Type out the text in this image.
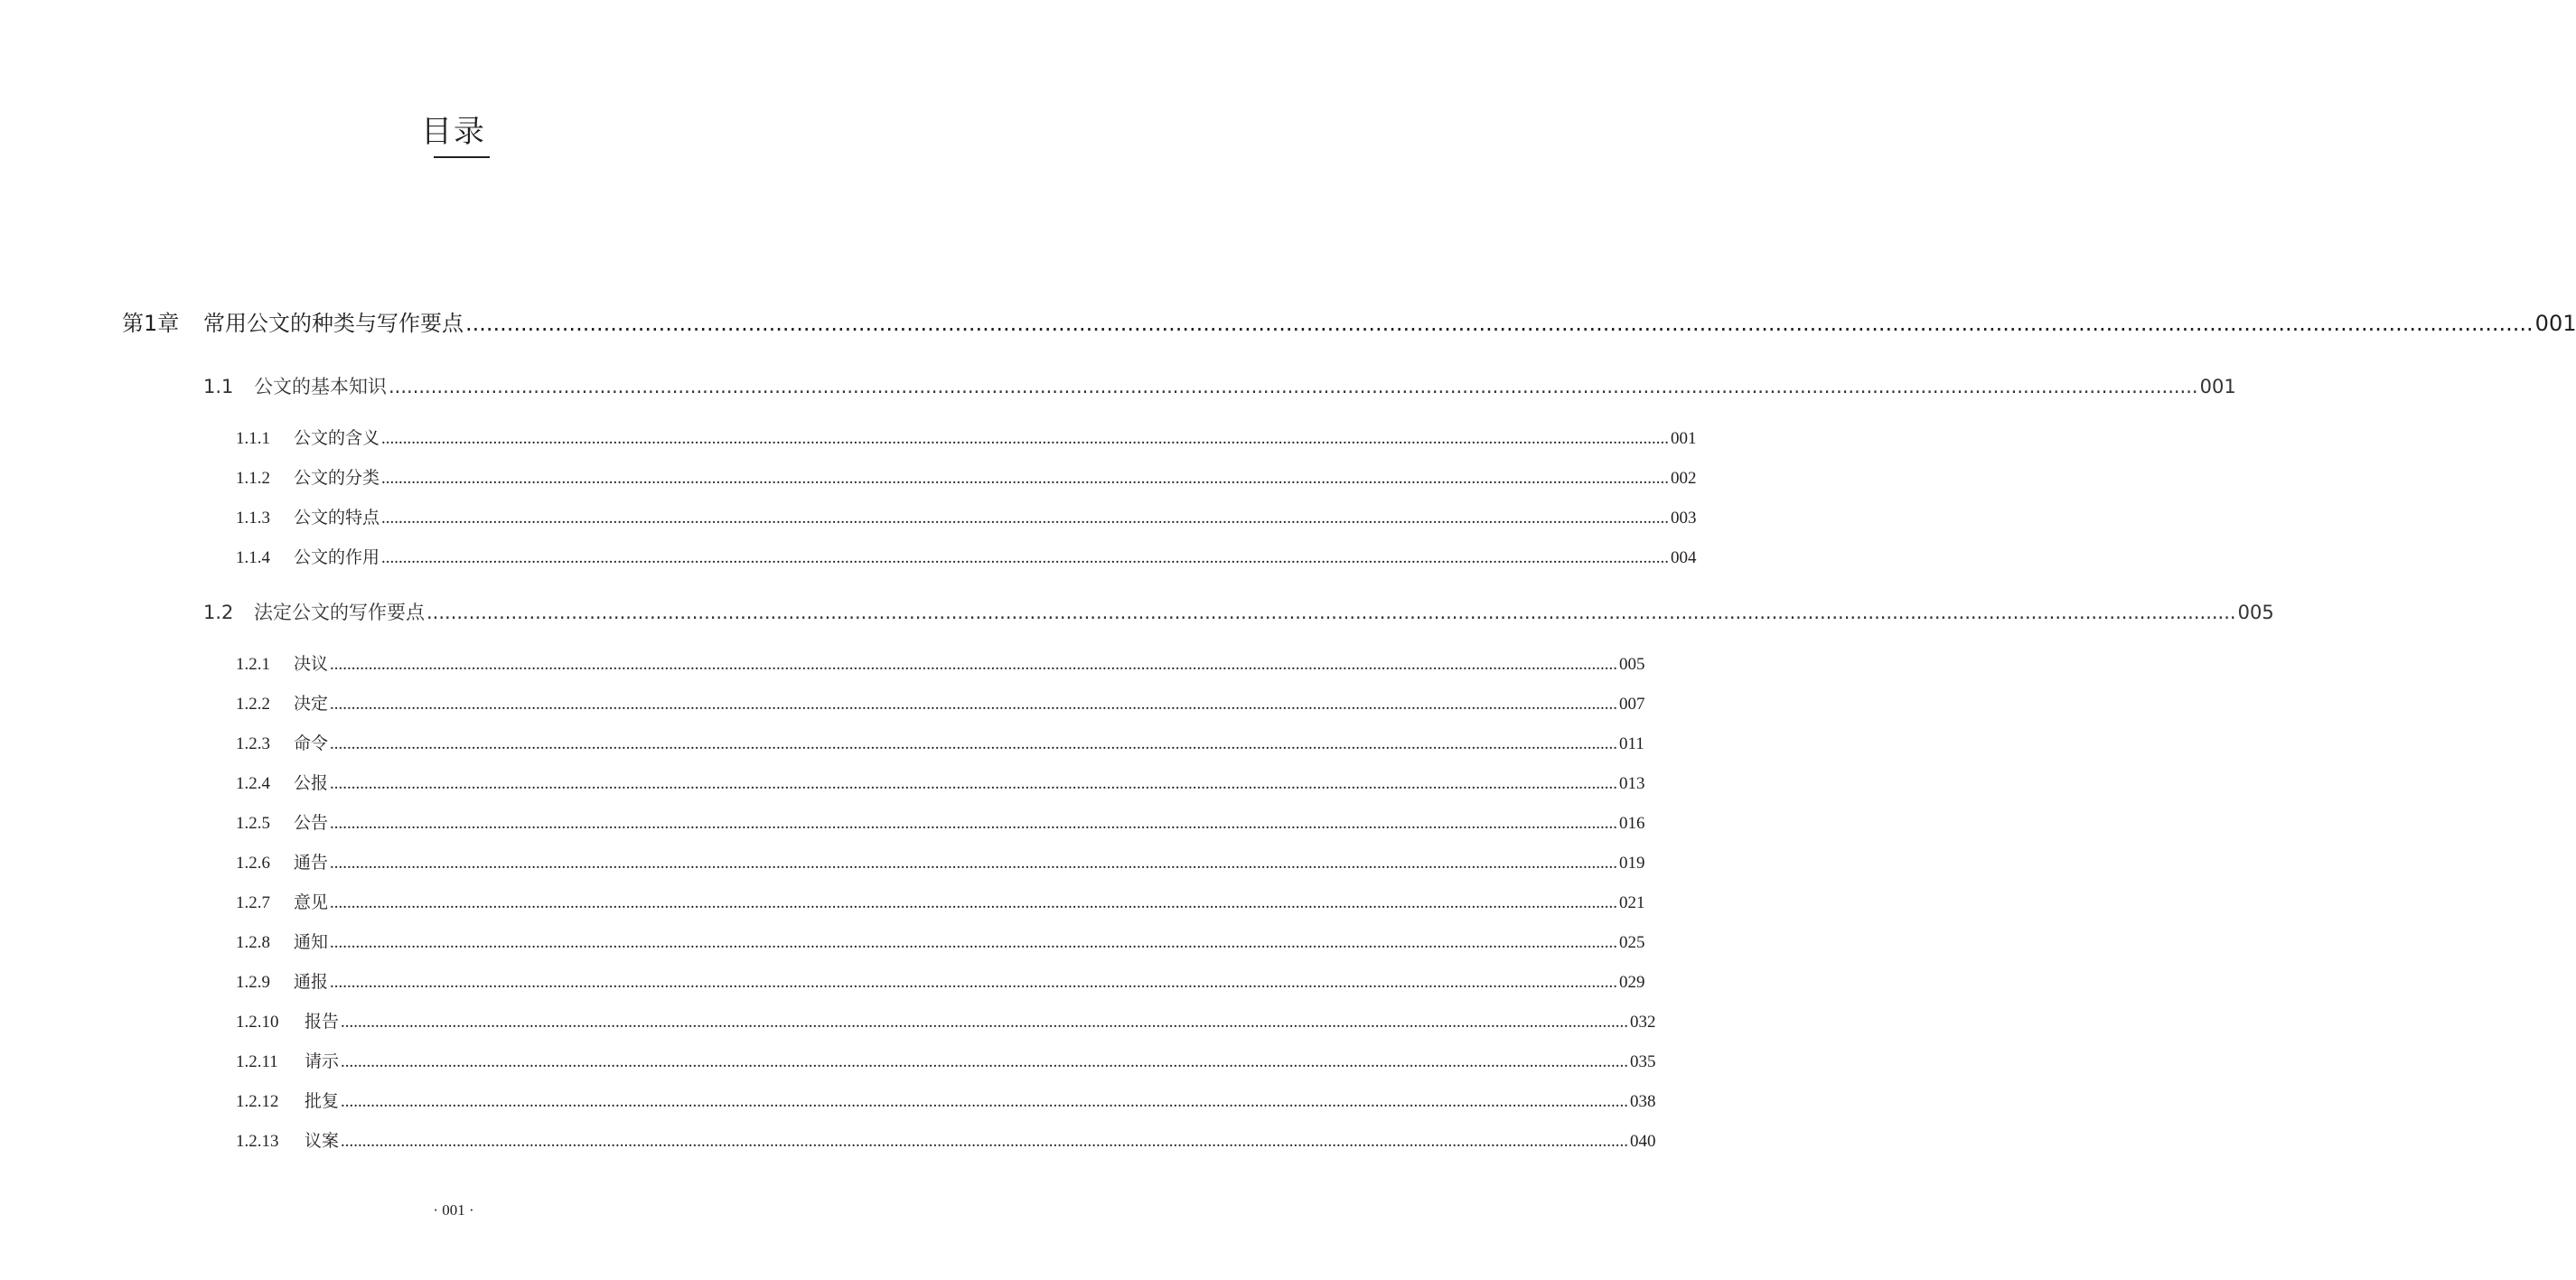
目录
第1章 常用公文的种类与写作要点 ............................................................................................................................................................................................................................................................................................................ 001
1.1 公文的基本知识 ............................................................................................................................................................................................................................................................................................................ 001
1.1.1 公文的含义 ............................................................................................................................................................................................................................................................................................................ 001
1.1.2 公文的分类 ............................................................................................................................................................................................................................................................................................................ 002
1.1.3 公文的特点 ............................................................................................................................................................................................................................................................................................................ 003
1.1.4 公文的作用 ............................................................................................................................................................................................................................................................................................................ 004
1.2 法定公文的写作要点 ............................................................................................................................................................................................................................................................................................................ 005
1.2.1 决议 ............................................................................................................................................................................................................................................................................................................ 005
1.2.2 决定 ............................................................................................................................................................................................................................................................................................................ 007
1.2.3 命令 ............................................................................................................................................................................................................................................................................................................ 011
1.2.4 公报 ............................................................................................................................................................................................................................................................................................................ 013
1.2.5 公告 ............................................................................................................................................................................................................................................................................................................ 016
1.2.6 通告 ............................................................................................................................................................................................................................................................................................................ 019
1.2.7 意见 ............................................................................................................................................................................................................................................................................................................ 021
1.2.8 通知 ............................................................................................................................................................................................................................................................................................................ 025
1.2.9 通报 ............................................................................................................................................................................................................................................................................................................ 029
1.2.10 报告 ............................................................................................................................................................................................................................................................................................................ 032
1.2.11 请示 ............................................................................................................................................................................................................................................................................................................ 035
1.2.12 批复 ............................................................................................................................................................................................................................................................................................................ 038
1.2.13 议案 ............................................................................................................................................................................................................................................................................................................ 040
· 001 ·
